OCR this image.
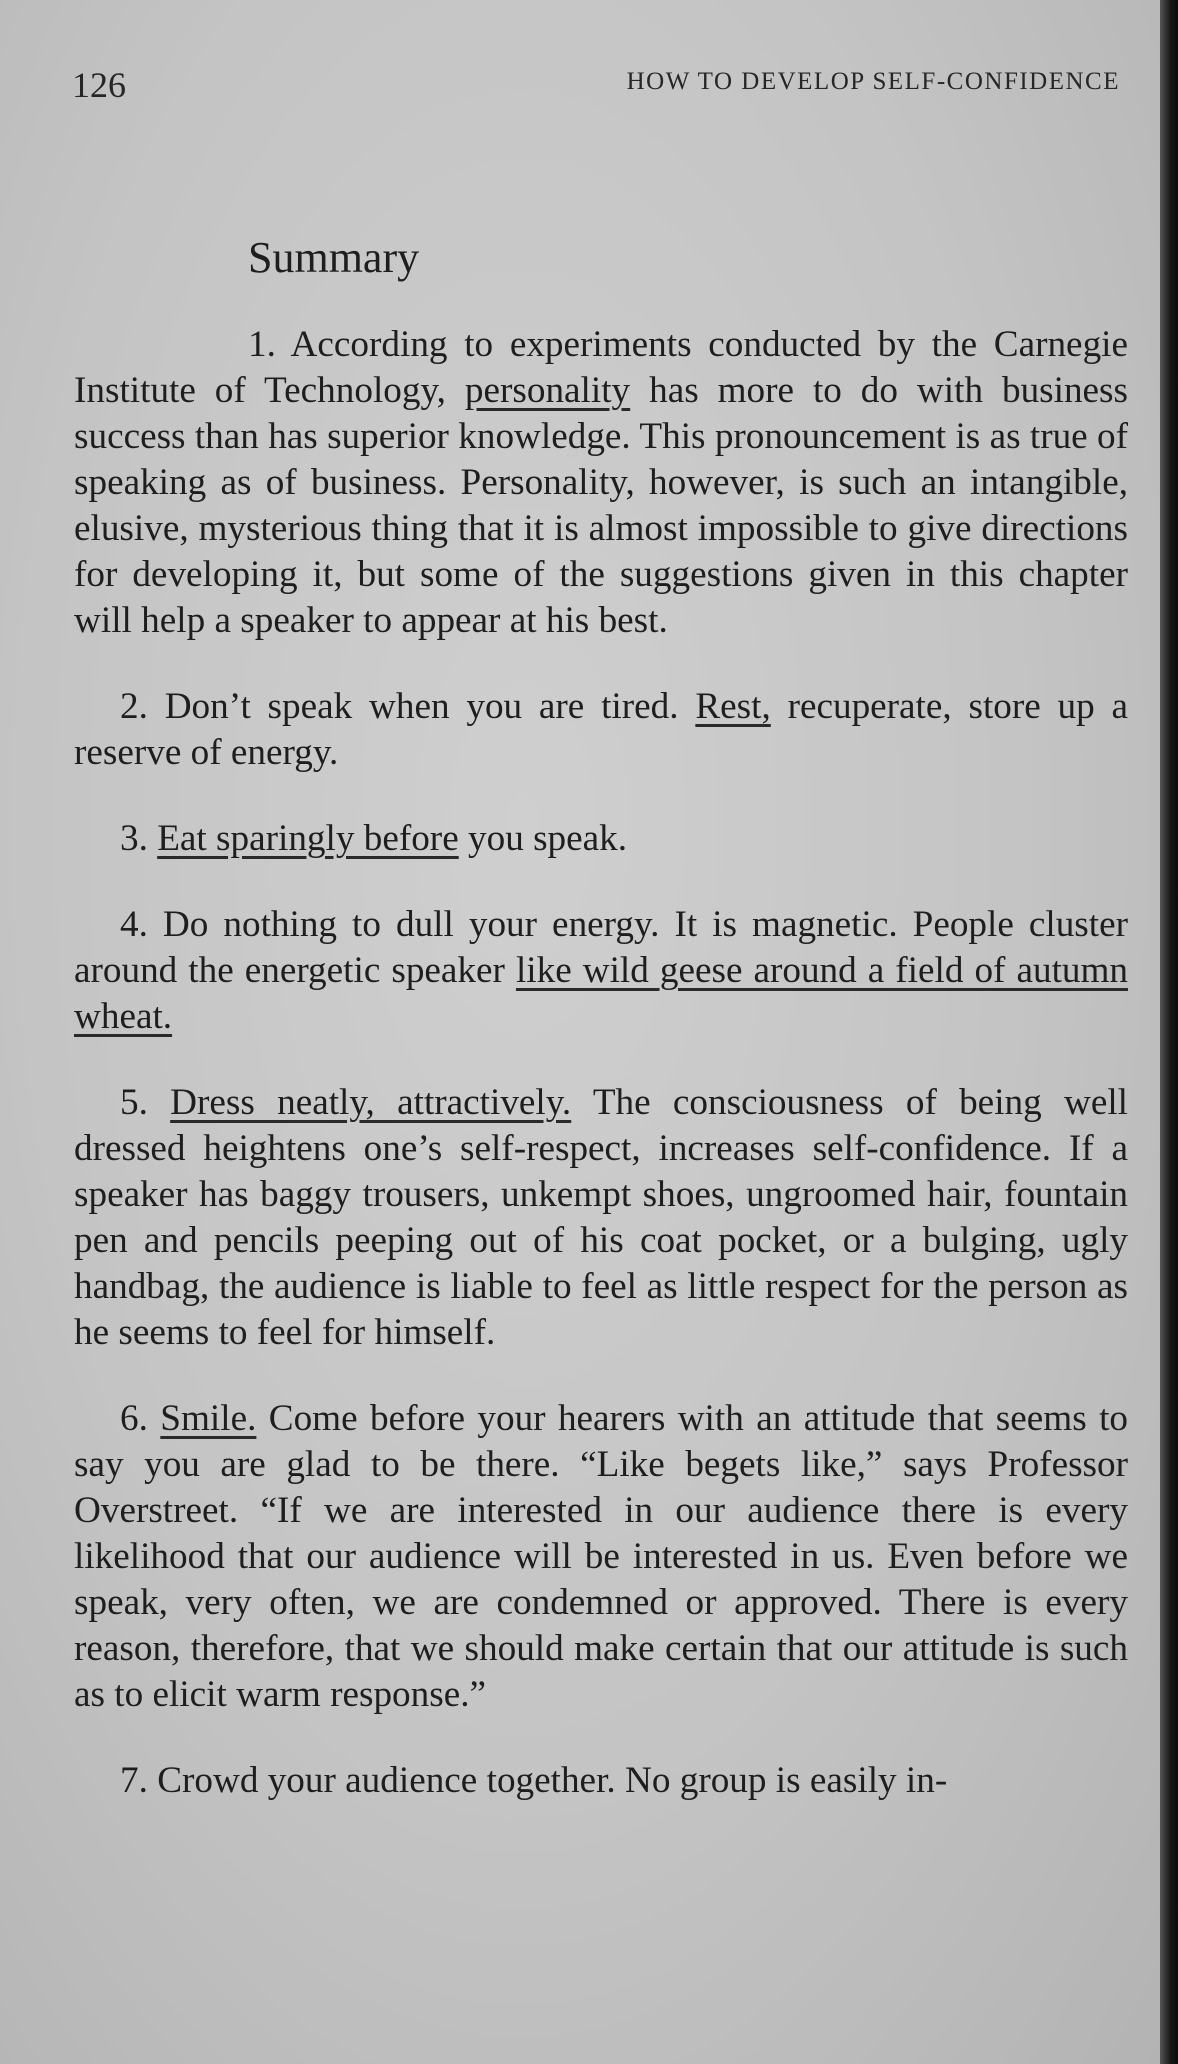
126	HOW TO DEVELOP SELF-CONFIDENCE
Summary

1. According to experiments conducted by the Carnegie Institute of Technology, personality has more to do with business success than has superior knowledge. This pronouncement is as true of speaking as of business. Personality, however, is such an intangible, elusive, mysterious thing that it is almost impossible to give directions for developing it, but some of the suggestions given in this chapter will help a speaker to appear at his best.

2. Don’t speak when you are tired. Rest, recuperate, store up a reserve of energy.

3. Eat sparingly before you speak.

4. Do nothing to dull your energy. It is magnetic. People cluster around the energetic speaker like wild geese around a field of autumn wheat.

5. Dress neatly, attractively. The consciousness of being well dressed heightens one’s self-respect, increases self-confidence. If a speaker has baggy trousers, unkempt shoes, ungroomed hair, fountain pen and pencils peeping out of his coat pocket, or a bulging, ugly handbag, the audience is liable to feel as little respect for the person as he seems to feel for himself.

6. Smile. Come before your hearers with an attitude that seems to say you are glad to be there. “Like begets like,” says Professor Overstreet. “If we are interested in our audience there is every likelihood that our audience will be interested in us. Even before we speak, very often, we are condemned or approved. There is every reason, therefore, that we should make certain that our attitude is such as to elicit warm response.”

7. Crowd your audience together. No group is easily in-
